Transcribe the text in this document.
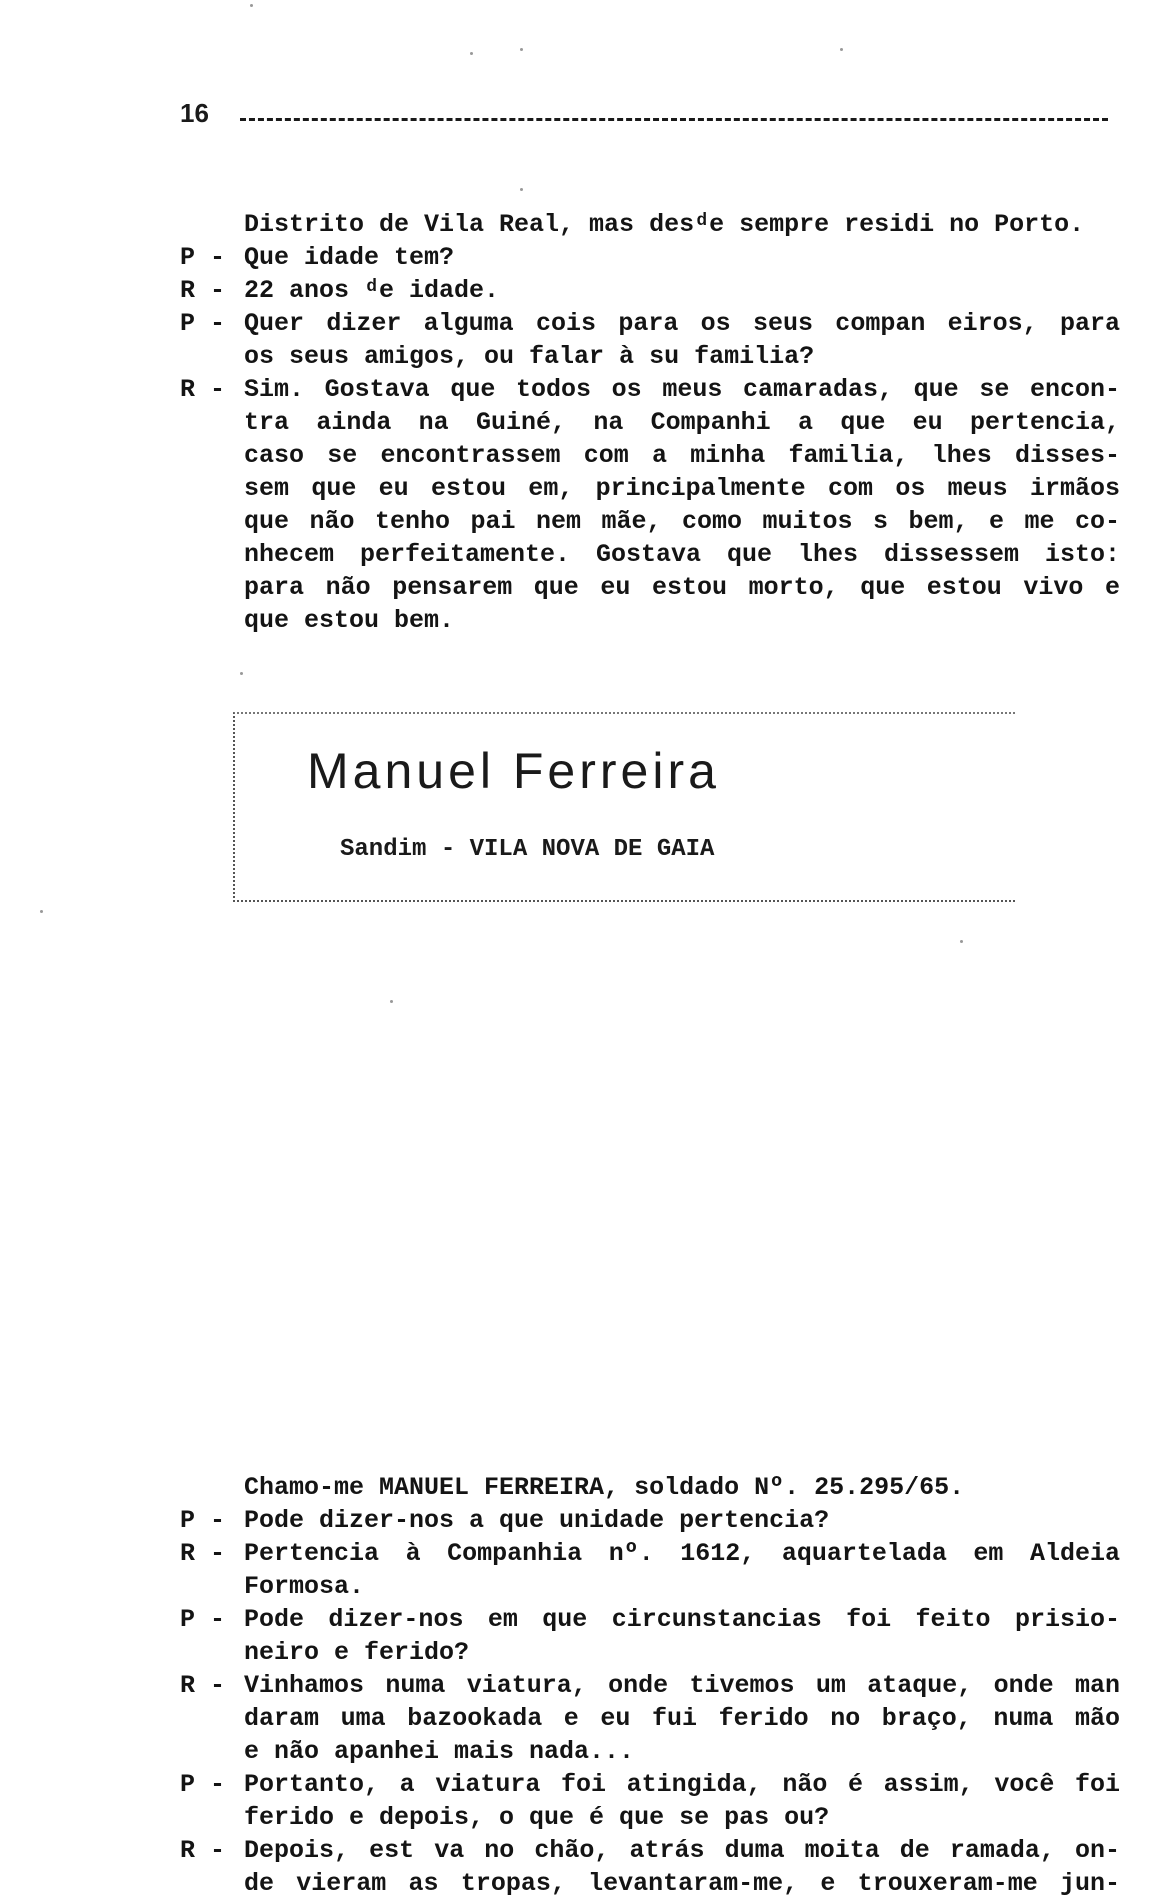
16
Distrito de Vila Real, mas desᵈe sempre residi no Porto.
P - Que idade tem?
R - 22 anos ᵈe idade.
P - Quer dizer alguma cois para os seus compan eiros, para
os seus amigos, ou falar à su familia?
R - Sim. Gostava que todos os meus camaradas, que se encon-
tra ainda na Guiné, na Companhi a que eu pertencia,
caso se encontrassem com a minha familia, lhes disses-
sem que eu estou em, principalmente com os meus irmãos
que não tenho pai nem mãe, como muitos s bem, e me co-
nhecem perfeitamente. Gostava que lhes dissessem isto:
para não pensarem que eu estou morto, que estou vivo e
que estou bem.
Manuel Ferreira
Sandim - VILA NOVA DE GAIA
Chamo-me MANUEL FERREIRA, soldado Nº. 25.295/65.
P - Pode dizer-nos a que unidade pertencia?
R - Pertencia à Companhia nº. 1612, aquartelada em Aldeia
Formosa.
P - Pode dizer-nos em que circunstancias foi feito prisio-
neiro e ferido?
R - Vinhamos numa viatura, onde tivemos um ataque, onde man
daram uma bazookada e eu fui ferido no braço, numa mão
e não apanhei mais nada...
P - Portanto, a viatura foi atingida, não é assim, você foi
ferido e depois, o que é que se pas ou?
R - Depois, est va no chão, atrás duma moita de ramada, on-
de vieram as tropas, levantaram-me, e trouxeram-me jun-
